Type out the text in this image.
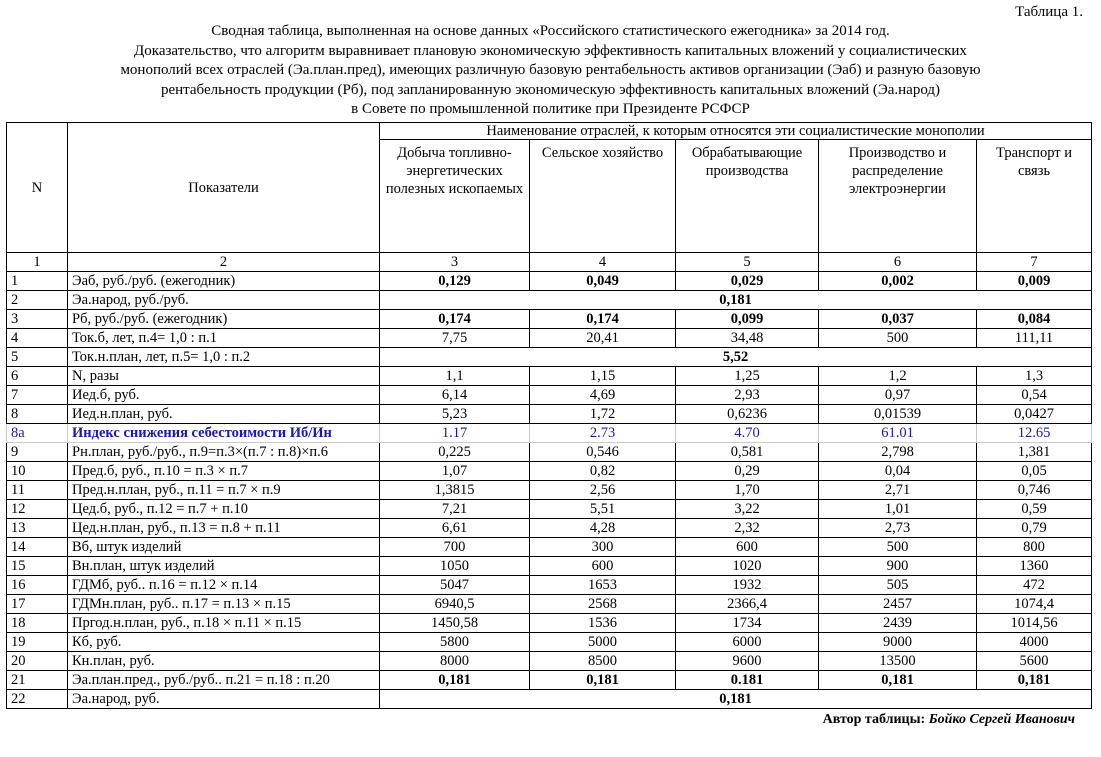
Таблица 1.
Сводная таблица, выполненная на основе данных «Российского статистического ежегодника» за 2014 год.
Доказательство, что алгоритм выравнивает плановую экономическую эффективность капитальных вложений у социалистических
монополий всех отраслей (Эа.план.пред), имеющих различную базовую рентабельность активов организации (Эаб) и разную базовую
рентабельность продукции (Рб), под запланированную экономическую эффективность капитальных вложений (Эа.народ)
в Совете по промышленной политике при Президенте РСФСР
N	Показатели	Наименование отраслей, к которым относятся эти социалистические монополии				
		Добыча топливно-энергетических полезных ископаемых	Сельское хозяйство	Обрабатывающие производства	Производство и распределение электроэнергии	Транспорт и связь
1	2	3	4	5	6	7
1	Эаб, руб./руб. (ежегодник)	0,129	0,049	0,029	0,002	0,009
2	Эа.народ, руб./руб.	0,181				
3	Рб, руб./руб. (ежегодник)	0,174	0,174	0,099	0,037	0,084
4	Ток.б, лет, п.4= 1,0 : п.1	7,75	20,41	34,48	500	111,11
5	Ток.н.план, лет, п.5= 1,0 : п.2	5,52				
6	N, разы	1,1	1,15	1,25	1,2	1,3
7	Иед.б, руб.	6,14	4,69	2,93	0,97	0,54
8	Иед.н.план, руб.	5,23	1,72	0,6236	0,01539	0,0427
8a	Индекс снижения себестоимости Иб/Ин	1.17	2.73	4.70	61.01	12.65
9	Рн.план, руб./руб., п.9=п.3×(п.7 : п.8)×п.6	0,225	0,546	0,581	2,798	1,381
10	Пред.б, руб., п.10 = п.3 × п.7	1,07	0,82	0,29	0,04	0,05
11	Пред.н.план, руб., п.11 = п.7 × п.9	1,3815	2,56	1,70	2,71	0,746
12	Цед.б, руб., п.12 = п.7 + п.10	7,21	5,51	3,22	1,01	0,59
13	Цед.н.план, руб., п.13 = п.8 + п.11	6,61	4,28	2,32	2,73	0,79
14	Вб, штук изделий	700	300	600	500	800
15	Вн.план, штук изделий	1050	600	1020	900	1360
16	ГДМб, руб.. п.16 = п.12 × п.14	5047	1653	1932	505	472
17	ГДМн.план, руб.. п.17 = п.13 × п.15	6940,5	2568	2366,4	2457	1074,4
18	Пргод.н.план, руб., п.18 × п.11 × п.15	1450,58	1536	1734	2439	1014,56
19	Кб, руб.	5800	5000	6000	9000	4000
20	Кн.план, руб.	8000	8500	9600	13500	5600
21	Эа.план.пред., руб./руб.. п.21 = п.18 : п.20	0,181	0,181	0.181	0,181	0,181
22	Эа.народ, руб.	0,181				
Автор таблицы: Бойко Сергей Иванович
